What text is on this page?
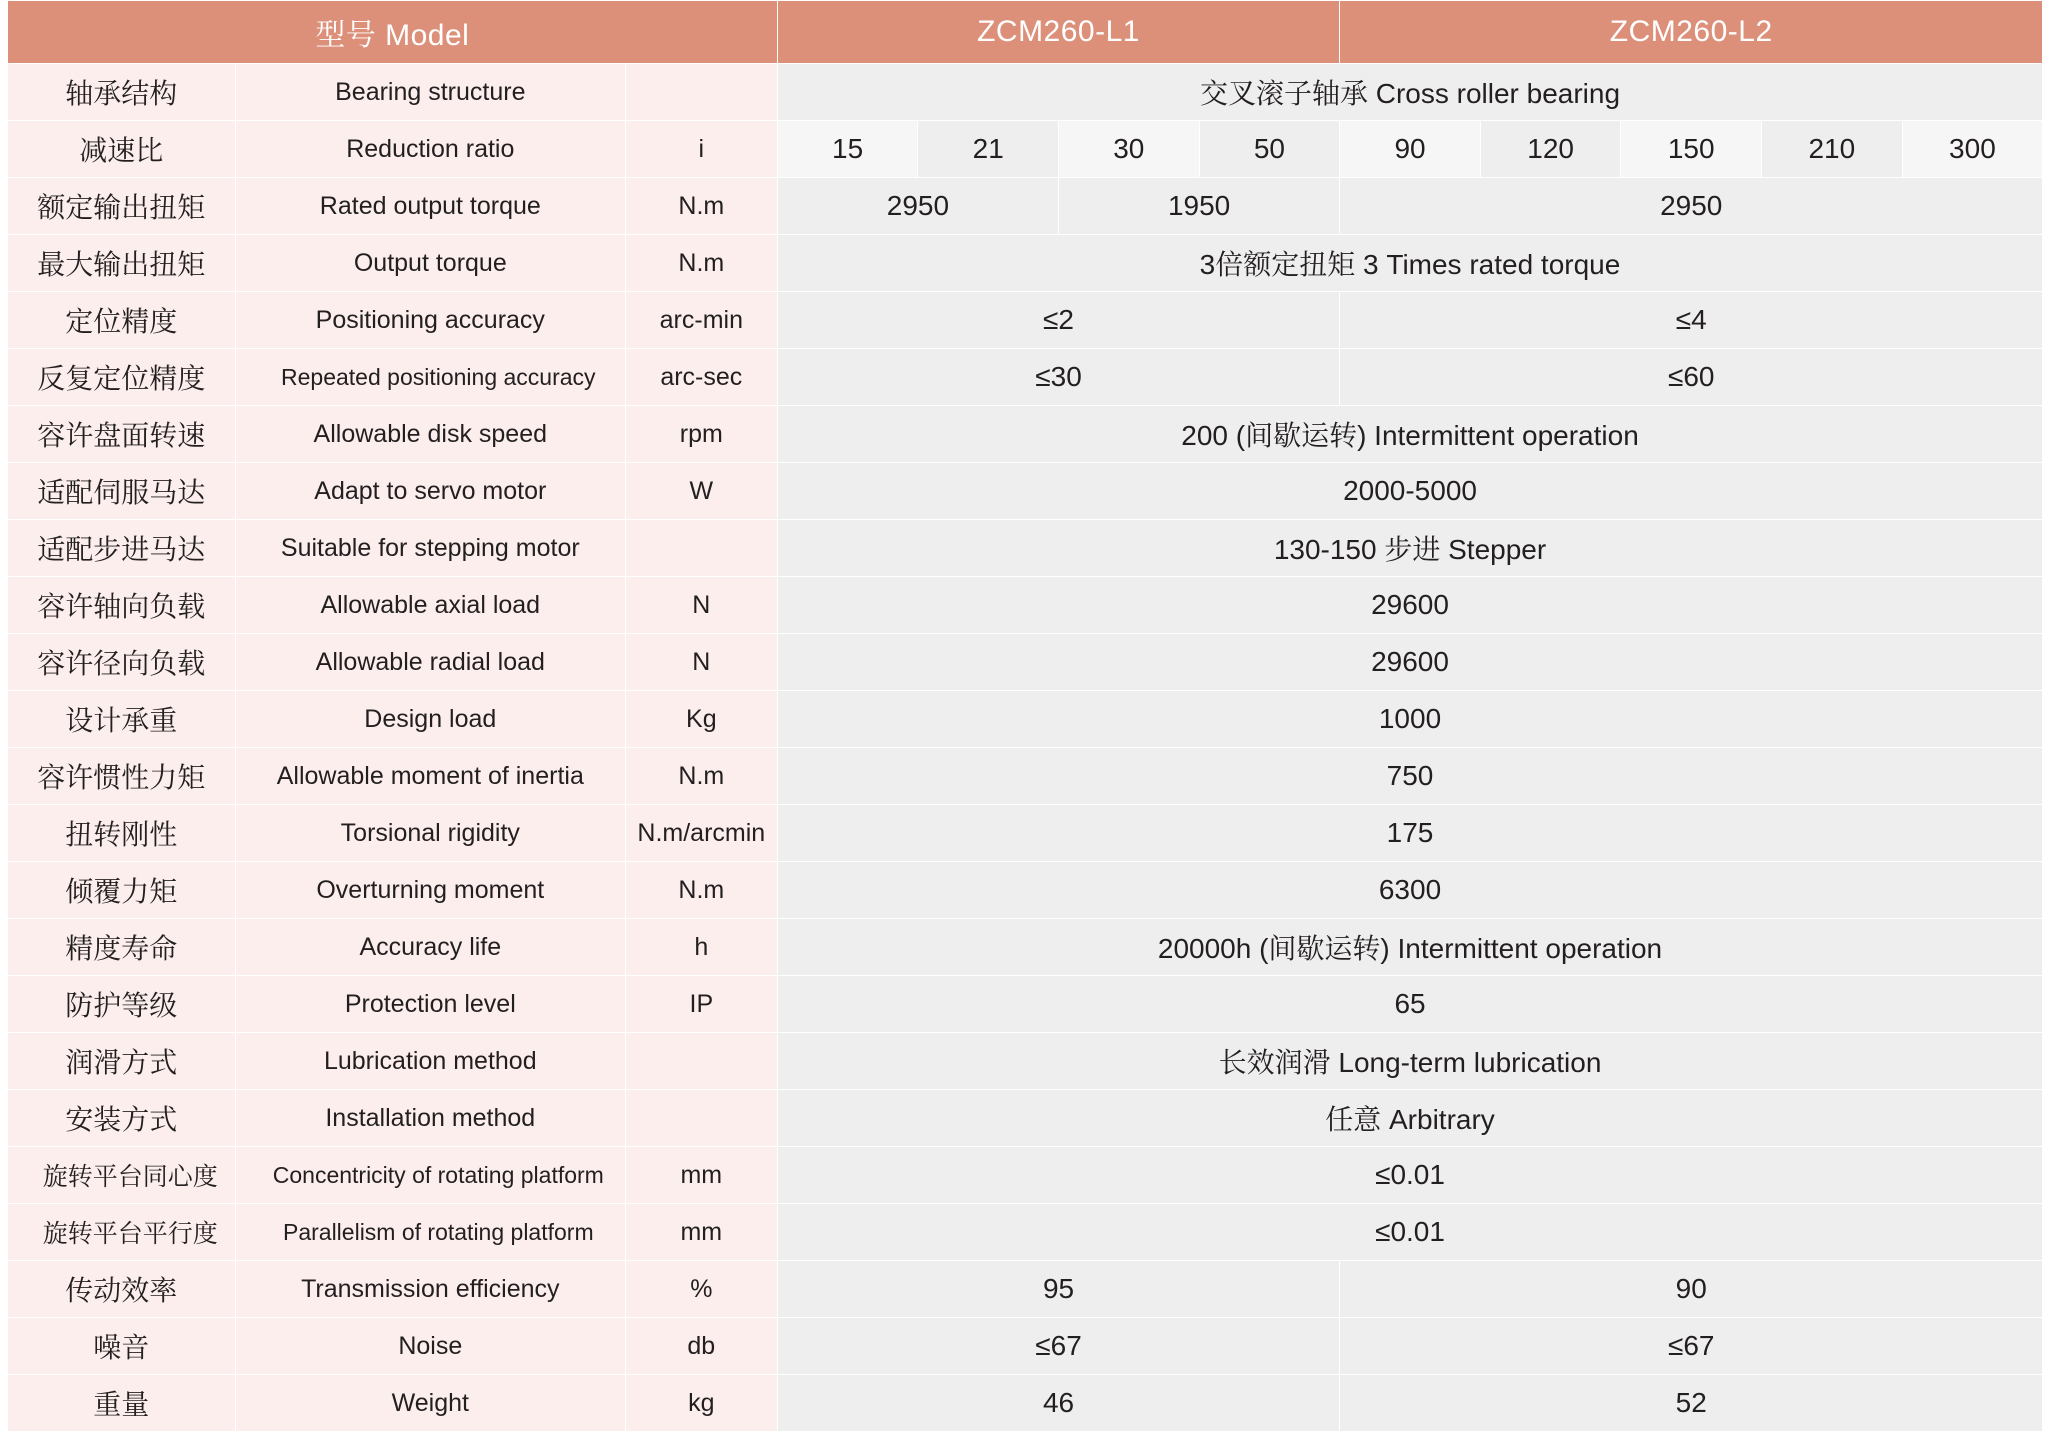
型号 Model			ZCM260-L1				ZCM260-L2				
轴承结构	Bearing structure		交叉滚子轴承 Cross roller bearing								
减速比	Reduction ratio	i	15	21	30	50	90	120	150	210	300
额定输出扭矩	Rated output torque	N.m	2950		1950		2950				
最大输出扭矩	Output torque	N.m	3倍额定扭矩 3 Times rated torque								
定位精度	Positioning accuracy	arc-min	≤2				≤4				
反复定位精度	Repeated positioning accuracy	arc-sec	≤30				≤60				
容许盘面转速	Allowable disk speed	rpm	200 (间歇运转) Intermittent operation								
适配伺服马达	Adapt to servo motor	W	2000-5000								
适配步进马达	Suitable for stepping motor		130-150 步进 Stepper								
容许轴向负载	Allowable axial load	N	29600								
容许径向负载	Allowable radial load	N	29600								
设计承重	Design load	Kg	1000								
容许惯性力矩	Allowable moment of inertia	N.m	750								
扭转刚性	Torsional rigidity	N.m/arcmin	175								
倾覆力矩	Overturning moment	N.m	6300								
精度寿命	Accuracy life	h	20000h (间歇运转) Intermittent operation								
防护等级	Protection level	IP	65								
润滑方式	Lubrication method		长效润滑 Long-term lubrication								
安装方式	Installation method		任意 Arbitrary								
旋转平台同心度	Concentricity of rotating platform	mm	≤0.01								
旋转平台平行度	Parallelism of rotating platform	mm	≤0.01								
传动效率	Transmission efficiency	%	95				90				
噪音	Noise	db	≤67				≤67				
重量	Weight	kg	46				52				
